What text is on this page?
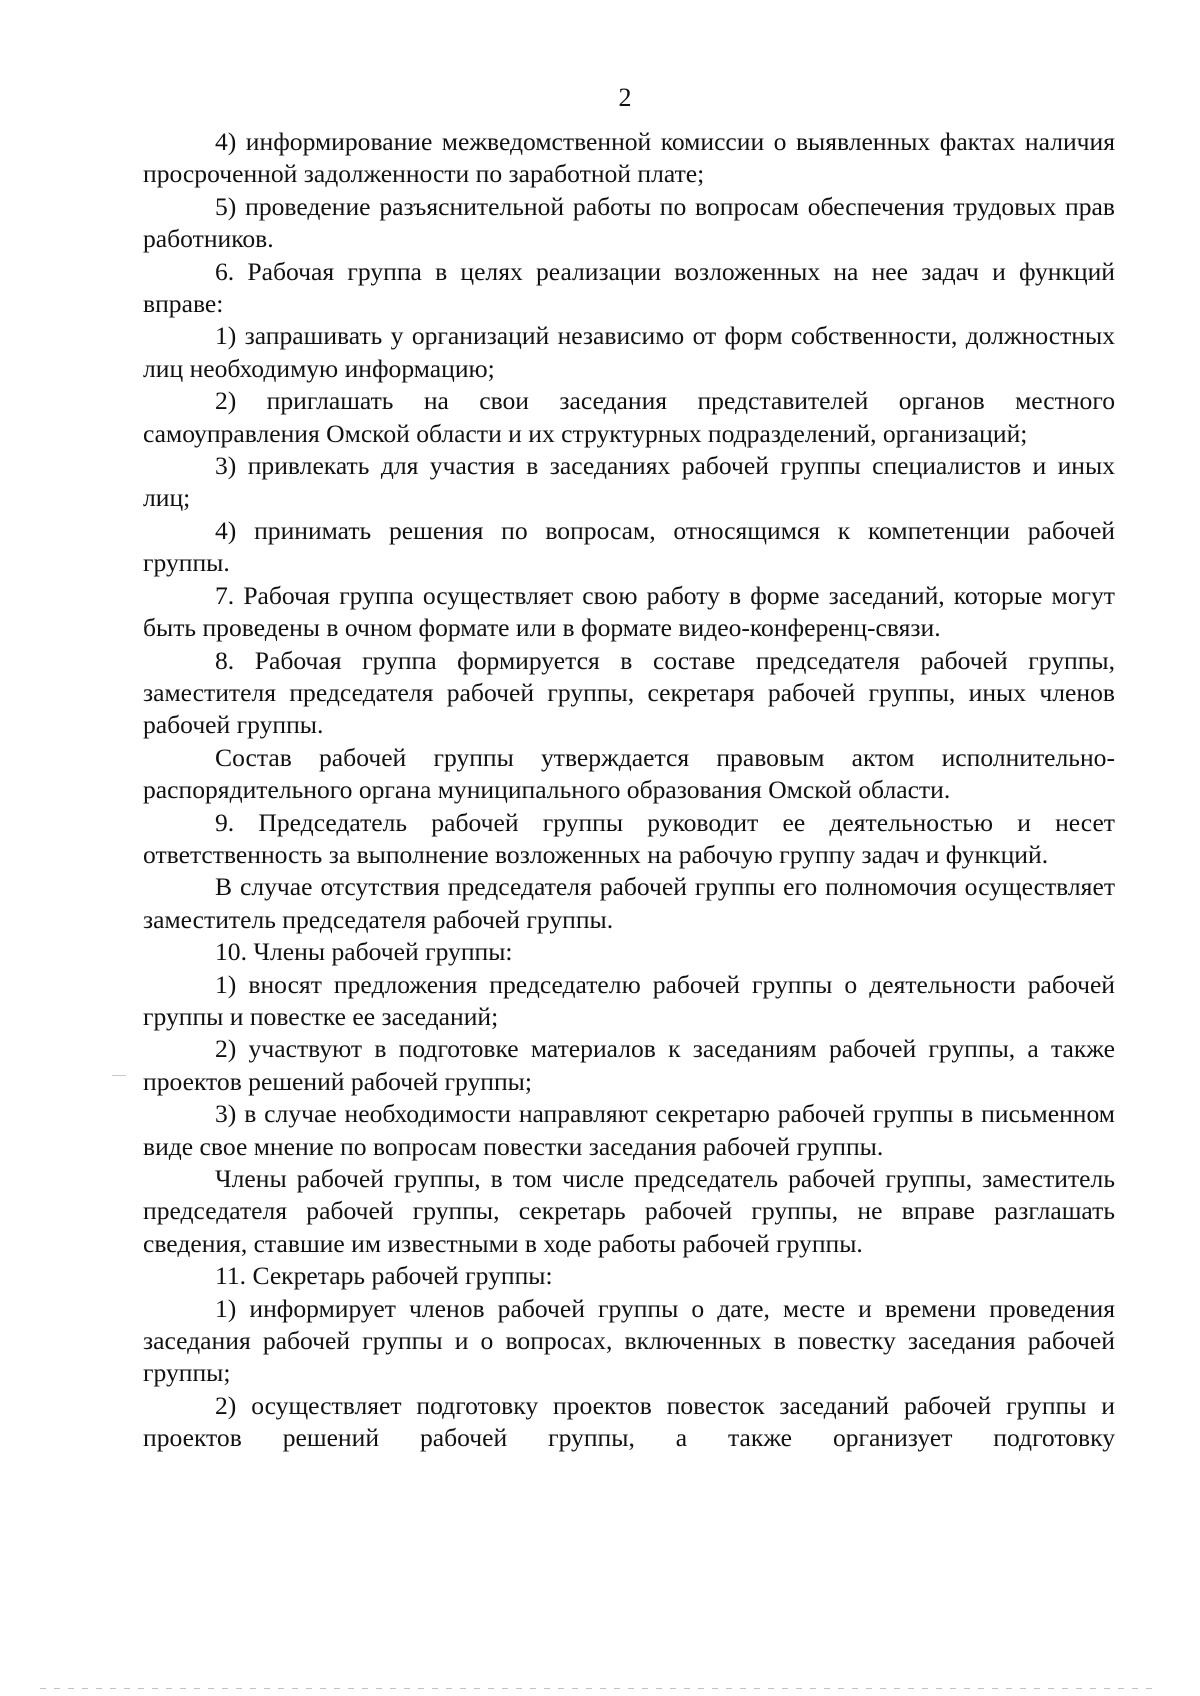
2

4) информирование межведомственной комиссии о выявленных фактах наличия просроченной задолженности по заработной плате;

5) проведение разъяснительной работы по вопросам обеспечения трудовых прав работников.

6. Рабочая группа в целях реализации возложенных на нее задач и функций вправе:

1) запрашивать у организаций независимо от форм собственности, должностных лиц необходимую информацию;

2) приглашать на свои заседания представителей органов местного самоуправления Омской области и их структурных подразделений, организаций;

3) привлекать для участия в заседаниях рабочей группы специалистов и иных лиц;

4) принимать решения по вопросам, относящимся к компетенции рабочей группы.

7. Рабочая группа осуществляет свою работу в форме заседаний, которые могут быть проведены в очном формате или в формате видео-конференц-связи.

8. Рабочая группа формируется в составе председателя рабочей группы, заместителя председателя рабочей группы, секретаря рабочей группы, иных членов рабочей группы.

Состав рабочей группы утверждается правовым актом исполнительно-распорядительного органа муниципального образования Омской области.

9. Председатель рабочей группы руководит ее деятельностью и несет ответственность за выполнение возложенных на рабочую группу задач и функций.

В случае отсутствия председателя рабочей группы его полномочия осуществляет заместитель председателя рабочей группы.

10. Члены рабочей группы:

1) вносят предложения председателю рабочей группы о деятельности рабочей группы и повестке ее заседаний;

2) участвуют в подготовке материалов к заседаниям рабочей группы, а также проектов решений рабочей группы;

3) в случае необходимости направляют секретарю рабочей группы в письменном виде свое мнение по вопросам повестки заседания рабочей группы.

Члены рабочей группы, в том числе председатель рабочей группы, заместитель председателя рабочей группы, секретарь рабочей группы, не вправе разглашать сведения, ставшие им известными в ходе работы рабочей группы.

11. Секретарь рабочей группы:

1) информирует членов рабочей группы о дате, месте и времени проведения заседания рабочей группы и о вопросах, включенных в повестку заседания рабочей группы;

2) осуществляет подготовку проектов повесток заседаний рабочей группы и проектов решений рабочей группы, а также организует подготовку
